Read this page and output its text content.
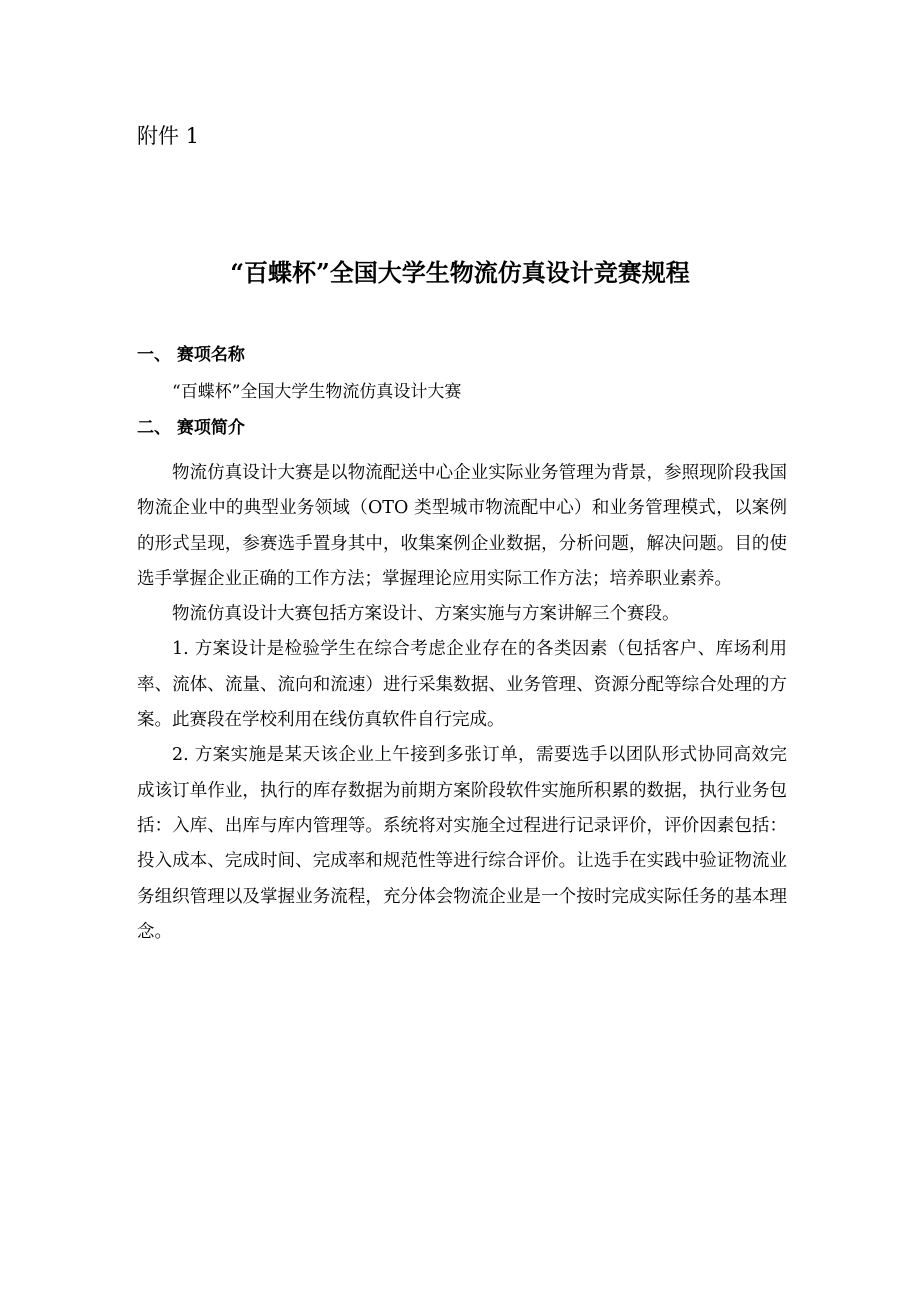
附件 1
“百蝶杯”全国大学生物流仿真设计竞赛规程
一、 赛项名称
“百蝶杯”全国大学生物流仿真设计大赛
二、 赛项简介

物流仿真设计大赛是以物流配送中心企业实际业务管理为背景，参照现阶段我国物流企业中的典型业务领域（OTO 类型城市物流配中心）和业务管理模式，以案例的形式呈现，参赛选手置身其中，收集案例企业数据，分析问题，解决问题。目的使选手掌握企业正确的工作方法；掌握理论应用实际工作方法；培养职业素养。

物流仿真设计大赛包括方案设计、方案实施与方案讲解三个赛段。

1. 方案设计是检验学生在综合考虑企业存在的各类因素（包括客户、库场利用率、流体、流量、流向和流速）进行采集数据、业务管理、资源分配等综合处理的方案。此赛段在学校利用在线仿真软件自行完成。

2. 方案实施是某天该企业上午接到多张订单，需要选手以团队形式协同高效完成该订单作业，执行的库存数据为前期方案阶段软件实施所积累的数据，执行业务包括：入库、出库与库内管理等。系统将对实施全过程进行记录评价，评价因素包括：投入成本、完成时间、完成率和规范性等进行综合评价。让选手在实践中验证物流业务组织管理以及掌握业务流程，充分体会物流企业是一个按时完成实际任务的基本理念。
